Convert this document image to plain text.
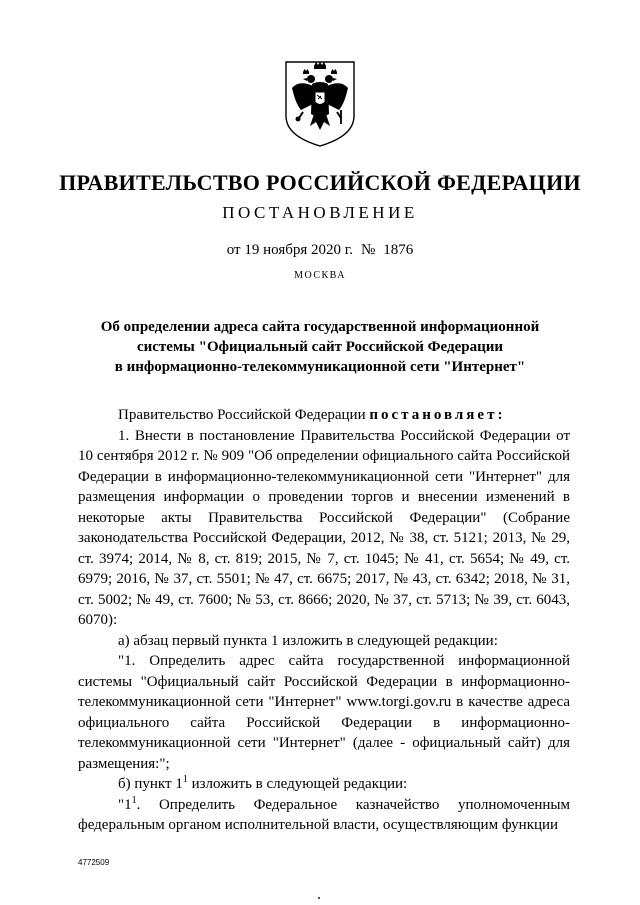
ПРАВИТЕЛЬСТВО РОССИЙСКОЙ ФЕДЕРАЦИИ
ПОСТАНОВЛЕНИЕ
от 19 ноября 2020 г. № 1876
МОСКВА
Об определении адреса сайта государственной информационной
системы "Официальный сайт Российской Федерации
в информационно-телекоммуникационной сети "Интернет"

Правительство Российской Федерации постановляет:

1. Внести в постановление Правительства Российской Федерации от 10 сентября 2012 г. № 909 "Об определении официального сайта Российской Федерации в информационно-телекоммуникационной сети "Интернет" для размещения информации о проведении торгов и внесении изменений в некоторые акты Правительства Российской Федерации" (Собрание законодательства Российской Федерации, 2012, № 38, ст. 5121; 2013, № 29, ст. 3974; 2014, № 8, ст. 819; 2015, № 7, ст. 1045; № 41, ст. 5654; № 49, ст. 6979; 2016, № 37, ст. 5501; № 47, ст. 6675; 2017, № 43, ст. 6342; 2018, № 31, ст. 5002; № 49, ст. 7600; № 53, ст. 8666; 2020, № 37, ст. 5713; № 39, ст. 6043, 6070):

а) абзац первый пункта 1 изложить в следующей редакции:

"1. Определить адрес сайта государственной информационной системы "Официальный сайт Российской Федерации в информационно-телекоммуникационной сети "Интернет" www.torgi.gov.ru в качестве адреса официального сайта Российской Федерации в информационно-телекоммуникационной сети "Интернет" (далее - официальный сайт) для размещения:";

б) пункт $1^1$ изложить в следующей редакции:

"$1^1$. Определить Федеральное казначейство уполномоченным федеральным органом исполнительной власти, осуществляющим функции

4772509
